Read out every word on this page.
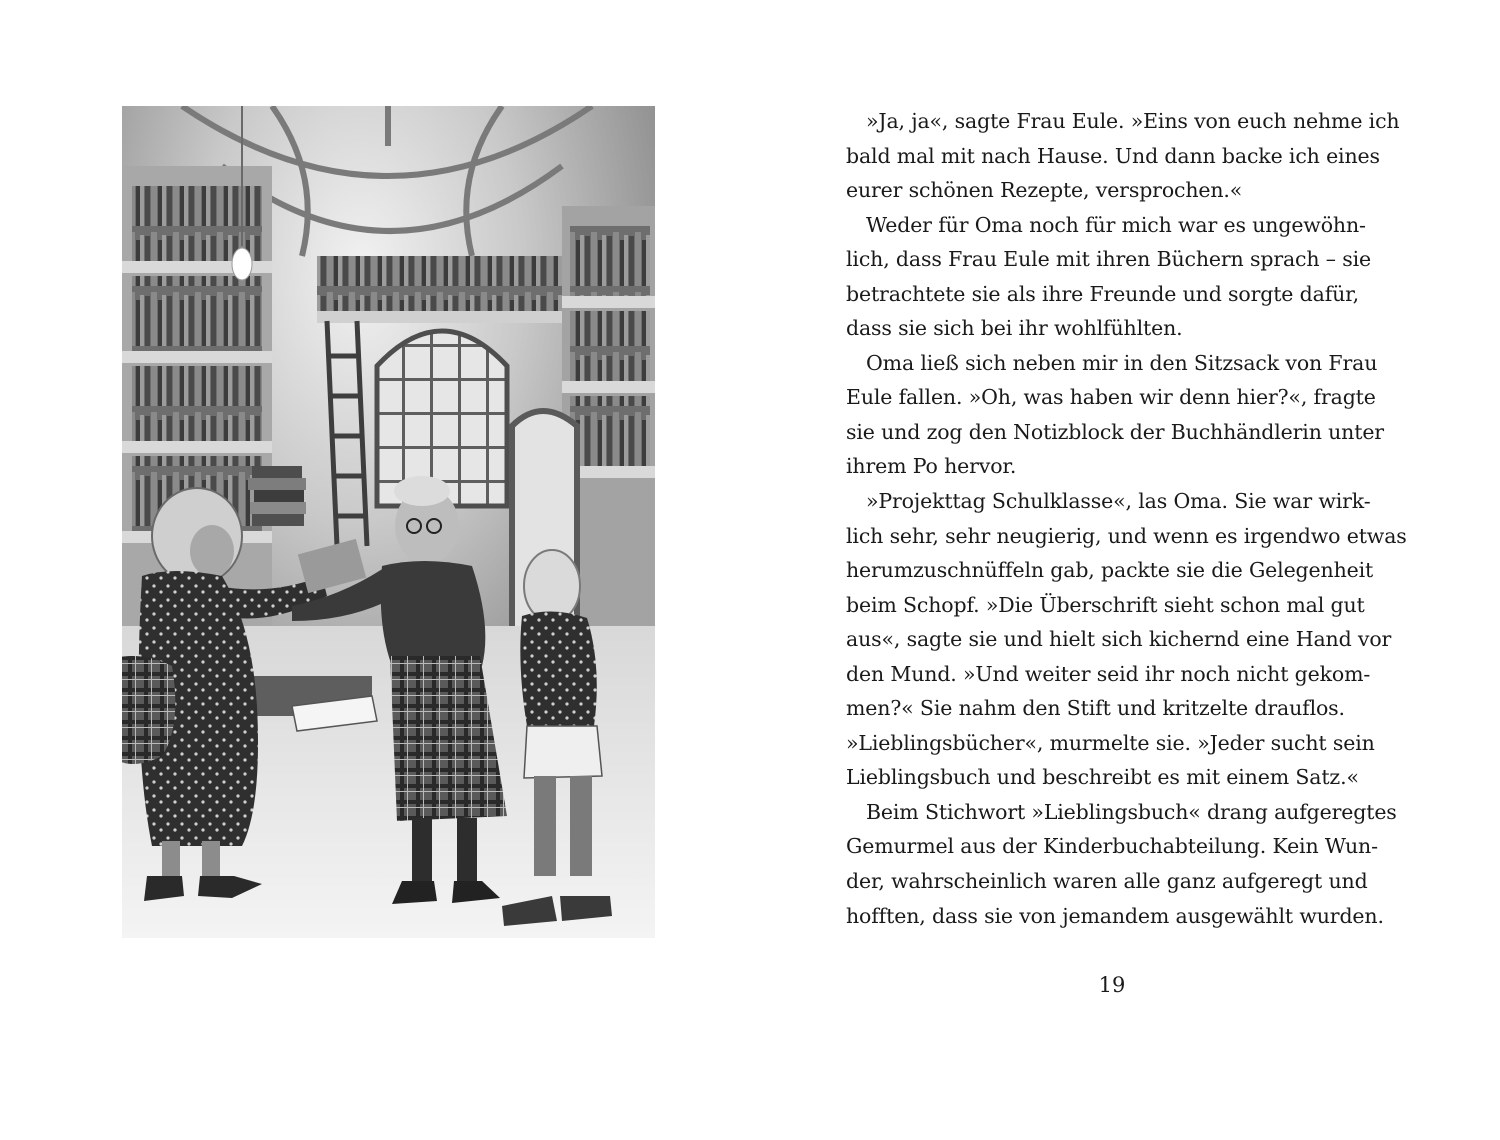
»Ja, ja«, sagte Frau Eule. »Eins von euch nehme ich
bald mal mit nach Hause. Und dann backe ich eines
eurer schönen Rezepte, versprochen.«
Weder für Oma noch für mich war es ungewöhn-
lich, dass Frau Eule mit ihren Büchern sprach – sie
betrachtete sie als ihre Freunde und sorgte dafür,
dass sie sich bei ihr wohlfühlten.
Oma ließ sich neben mir in den Sitzsack von Frau
Eule fallen. »Oh, was haben wir denn hier?«, fragte
sie und zog den Notizblock der Buchhändlerin unter
ihrem Po hervor.
»Projekttag Schulklasse«, las Oma. Sie war wirk-
lich sehr, sehr neugierig, und wenn es irgendwo etwas
herumzuschnüffeln gab, packte sie die Gelegenheit
beim Schopf. »Die Überschrift sieht schon mal gut
aus«, sagte sie und hielt sich kichernd eine Hand vor
den Mund. »Und weiter seid ihr noch nicht gekom-
men?« Sie nahm den Stift und kritzelte drauflos.
»Lieblingsbücher«, murmelte sie. »Jeder sucht sein
Lieblingsbuch und beschreibt es mit einem Satz.«
Beim Stichwort »Lieblingsbuch« drang aufgeregtes
Gemurmel aus der Kinderbuchabteilung. Kein Wun-
der, wahrscheinlich waren alle ganz aufgeregt und
hofften, dass sie von jemandem ausgewählt wurden.
19
